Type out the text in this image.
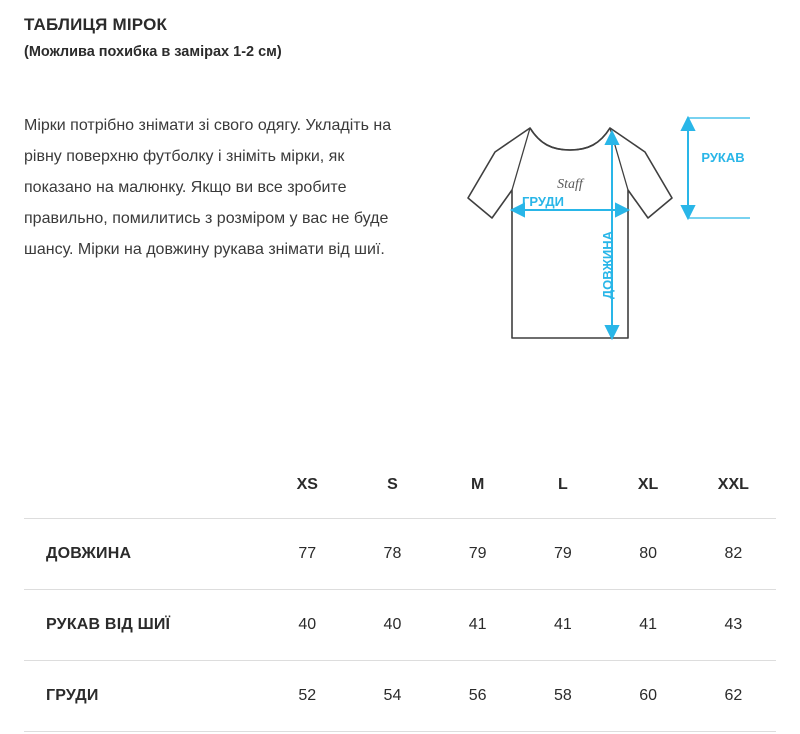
ТАБЛИЦЯ МІРОК
(Можлива похибка в замірах 1-2 см)
Мірки потрібно знімати зі свого одягу. Укладіть на рівну поверхню футболку і зніміть мірки, як показано на малюнку. Якщо ви все зробите правильно, помилитись з розміром у вас не буде шансу. Мірки на довжину рукава знімати від шиї.
ГРУДИ
ДОВЖИНА
РУКАВ
Staff
	XS	S	M	L	XL	XXL
ДОВЖИНА	77	78	79	79	80	82
РУКАВ ВІД ШИЇ	40	40	41	41	41	43
ГРУДИ	52	54	56	58	60	62
